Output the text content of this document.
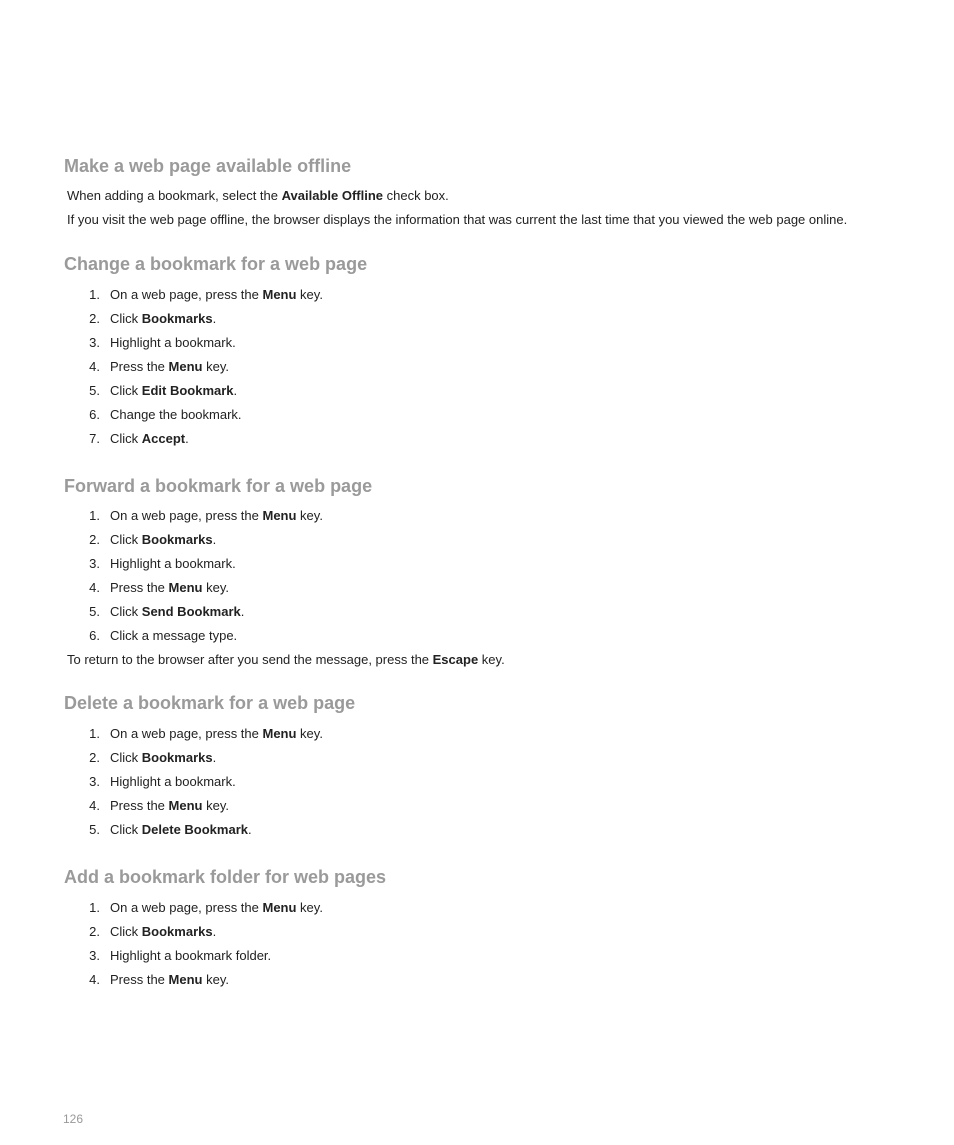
Make a web page available offline

When adding a bookmark, select the Available Offline check box.

If you visit the web page offline, the browser displays the information that was current the last time that you viewed the web page online.

Change a bookmark for a web page
1. On a web page, press the Menu key.
2. Click Bookmarks.
3. Highlight a bookmark.
4. Press the Menu key.
5. Click Edit Bookmark.
6. Change the bookmark.
7. Click Accept.
Forward a bookmark for a web page
1. On a web page, press the Menu key.
2. Click Bookmarks.
3. Highlight a bookmark.
4. Press the Menu key.
5. Click Send Bookmark.
6. Click a message type.

To return to the browser after you send the message, press the Escape key.

Delete a bookmark for a web page
1. On a web page, press the Menu key.
2. Click Bookmarks.
3. Highlight a bookmark.
4. Press the Menu key.
5. Click Delete Bookmark.
Add a bookmark folder for web pages
1. On a web page, press the Menu key.
2. Click Bookmarks.
3. Highlight a bookmark folder.
4. Press the Menu key.
126
